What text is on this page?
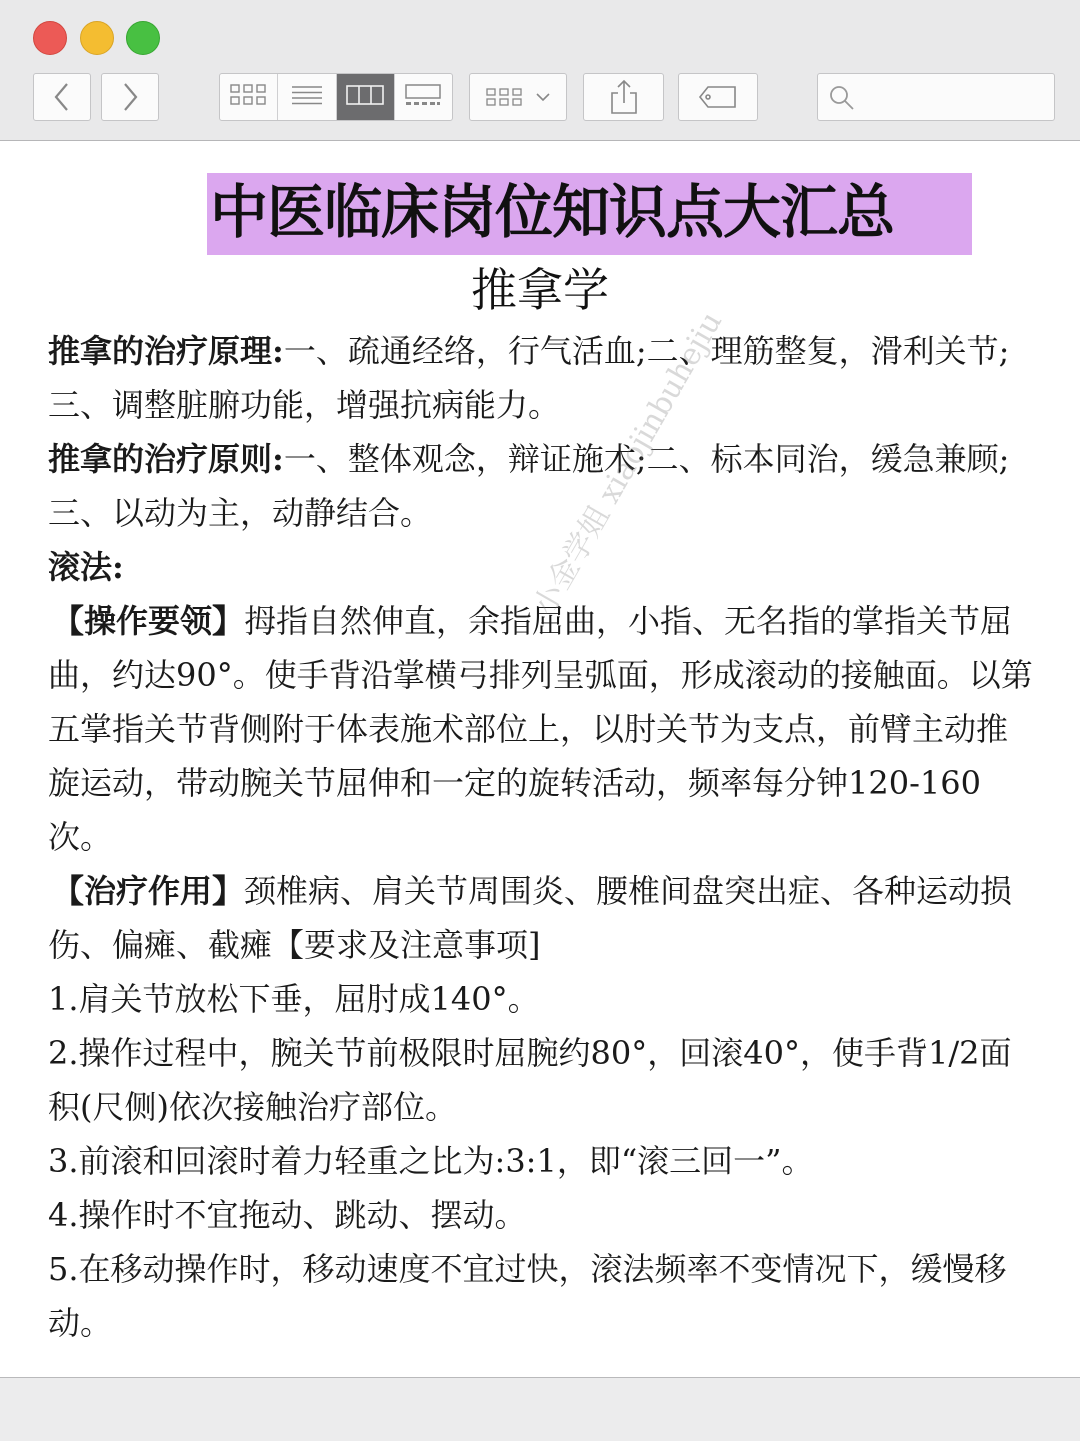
中医临床岗位知识点大汇总
推拿学

推拿的治疗原理:一、疏通经络，行气活血;二、理筋整复，滑利关节;三、调整脏腑功能，增强抗病能力。

推拿的治疗原则:一、整体观念，辩证施术;二、标本同治，缓急兼顾;三、以动为主，动静结合。

滚法:

【操作要领】拇指自然伸直，余指屈曲，小指、无名指的掌指关节屈曲，约达90°。使手背沿掌横弓排列呈弧面，形成滚动的接触面。以第五掌指关节背侧附于体表施术部位上，以肘关节为支点，前臂主动推旋运动，带动腕关节屈伸和一定的旋转活动，频率每分钟120-160次。

【治疗作用】颈椎病、肩关节周围炎、腰椎间盘突出症、各种运动损伤、偏瘫、截瘫【要求及注意事项]

1.肩关节放松下垂，屈肘成140°。

2.操作过程中，腕关节前极限时屈腕约80°，回滚40°，使手背1/2面积(尺侧)依次接触治疗部位。

3.前滚和回滚时着力轻重之比为:3:1，即“滚三回一”。

4.操作时不宜拖动、跳动、摆动。

5.在移动操作时，移动速度不宜过快，滚法频率不变情况下，缓慢移动。

小金学姐 xiaojinbuhejiu
